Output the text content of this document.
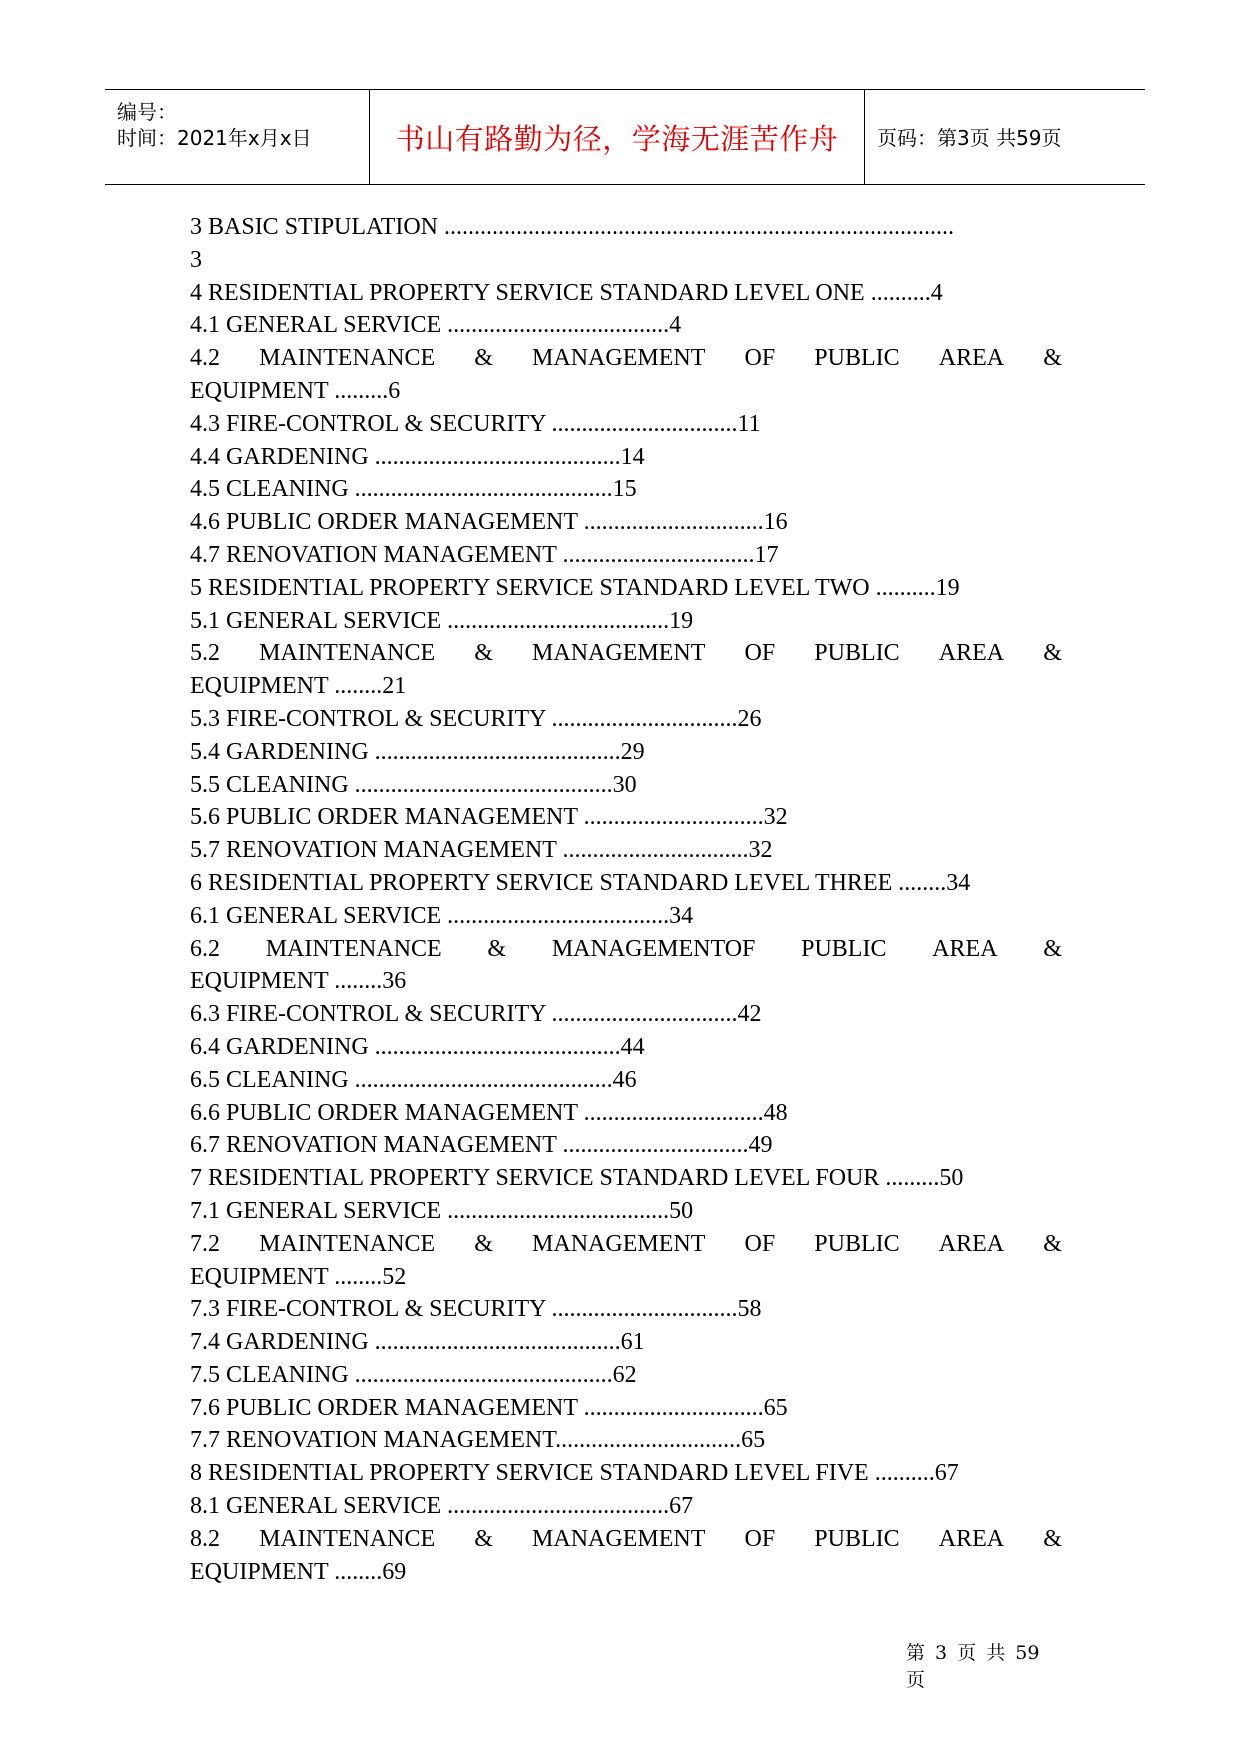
编号：
时间：2021年x月x日	书山有路勤为径，学海无涯苦作舟	页码：第3页 共59页
3 BASIC STIPULATION .....................................................................................
3
4 RESIDENTIAL PROPERTY SERVICE STANDARD LEVEL ONE ..........4
4.1 GENERAL SERVICE .....................................4
4.2 MAINTENANCE & MANAGEMENT OF PUBLIC AREA &
EQUIPMENT .........6
4.3 FIRE-CONTROL & SECURITY ...............................11
4.4 GARDENING .........................................14
4.5 CLEANING ...........................................15
4.6 PUBLIC ORDER MANAGEMENT ..............................16
4.7 RENOVATION MANAGEMENT ................................17
5 RESIDENTIAL PROPERTY SERVICE STANDARD LEVEL TWO ..........19
5.1 GENERAL SERVICE .....................................19
5.2 MAINTENANCE & MANAGEMENT OF PUBLIC AREA &
EQUIPMENT ........21
5.3 FIRE-CONTROL & SECURITY ...............................26
5.4 GARDENING .........................................29
5.5 CLEANING ...........................................30
5.6 PUBLIC ORDER MANAGEMENT ..............................32
5.7 RENOVATION MANAGEMENT ...............................32
6 RESIDENTIAL PROPERTY SERVICE STANDARD LEVEL THREE ........34
6.1 GENERAL SERVICE .....................................34
6.2 MAINTENANCE & MANAGEMENTOF PUBLIC AREA &
EQUIPMENT ........36
6.3 FIRE-CONTROL & SECURITY ...............................42
6.4 GARDENING .........................................44
6.5 CLEANING ...........................................46
6.6 PUBLIC ORDER MANAGEMENT ..............................48
6.7 RENOVATION MANAGEMENT ...............................49
7 RESIDENTIAL PROPERTY SERVICE STANDARD LEVEL FOUR .........50
7.1 GENERAL SERVICE .....................................50
7.2 MAINTENANCE & MANAGEMENT OF PUBLIC AREA &
EQUIPMENT ........52
7.3 FIRE-CONTROL & SECURITY ...............................58
7.4 GARDENING .........................................61
7.5 CLEANING ...........................................62
7.6 PUBLIC ORDER MANAGEMENT ..............................65
7.7 RENOVATION MANAGEMENT...............................65
8 RESIDENTIAL PROPERTY SERVICE STANDARD LEVEL FIVE ..........67
8.1 GENERAL SERVICE .....................................67
8.2 MAINTENANCE & MANAGEMENT OF PUBLIC AREA &
EQUIPMENT ........69
第 3 页 共 59 页
